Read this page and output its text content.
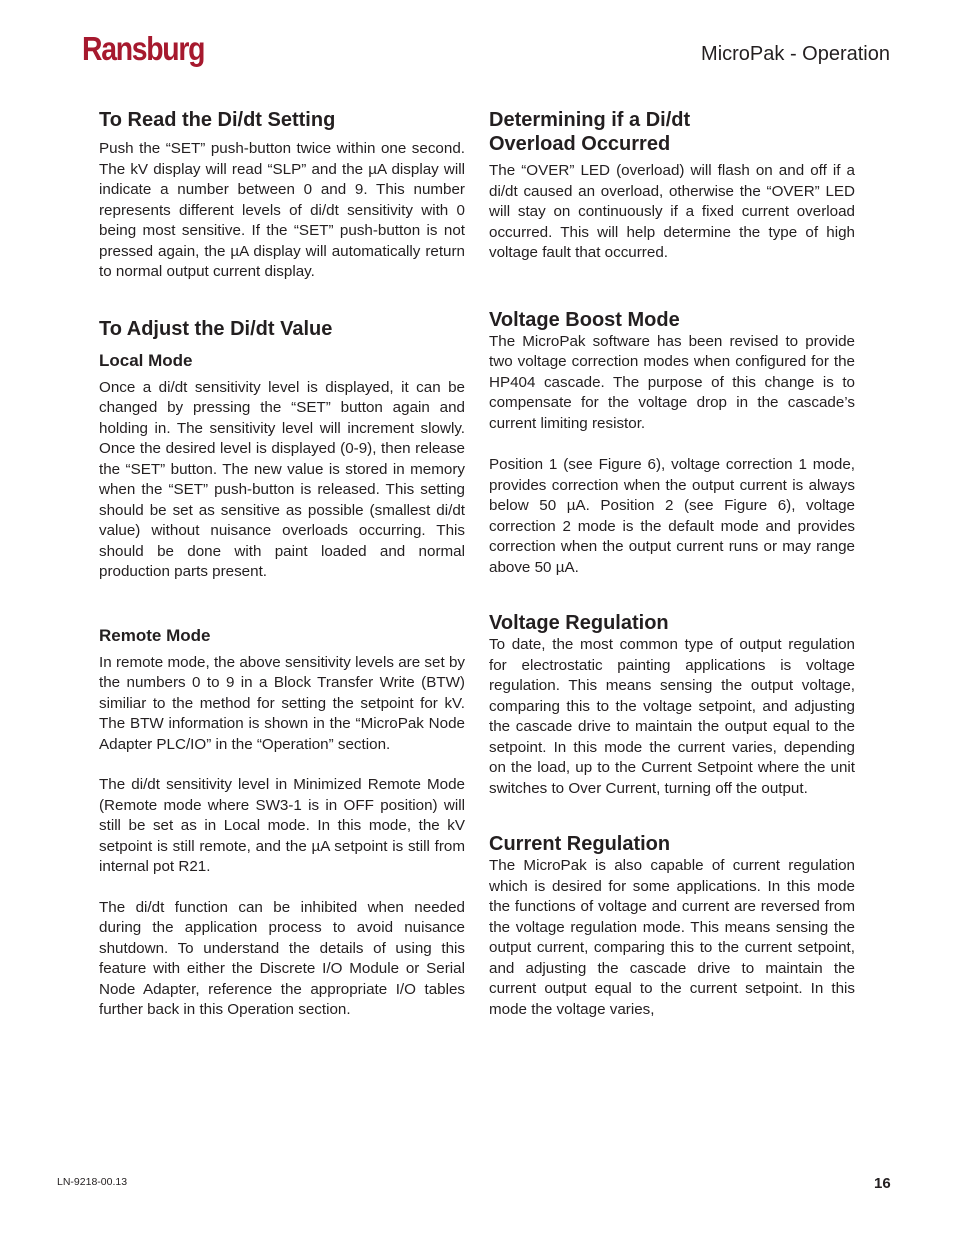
Ransburg	MicroPak - Operation
To Read the Di/dt Setting

Push the “SET” push-button twice within one second. The kV display will read “SLP” and the µA display will indicate a number between 0 and 9. This number represents different levels of di/dt sensitivity with 0 being most sensitive. If the “SET” push-button is not pressed again, the µA display will automatically return to normal output current display.

To Adjust the Di/dt Value
Local Mode

Once a di/dt sensitivity level is displayed, it can be changed by pressing the “SET” button again and holding in. The sensitivity level will increment slowly. Once the desired level is displayed (0-9), then release the “SET” button. The new value is stored in memory when the “SET” push-button is released. This setting should be set as sensitive as possible (smallest di/dt value) without nuisance overloads occurring. This should be done with paint loaded and normal production parts present.

Remote Mode

In remote mode, the above sensitivity levels are set by the numbers 0 to 9 in a Block Transfer Write (BTW) similiar to the method for setting the setpoint for kV. The BTW information is shown in the “MicroPak Node Adapter PLC/IO” in the “Operation” section.

The di/dt sensitivity level in Minimized Remote Mode (Remote mode where SW3-1 is in OFF position) will still be set as in Local mode. In this mode, the kV setpoint is still remote, and the µA setpoint is still from internal pot R21.

The di/dt function can be inhibited when needed during the application process to avoid nuisance shutdown. To understand the details of using this feature with either the Discrete I/O Module or Serial Node Adapter, reference the appropriate I/O tables further back in this Operation section.

Determining if a Di/dt
Overload Occurred

The “OVER” LED (overload) will flash on and off if a di/dt caused an overload, otherwise the “OVER” LED will stay on continuously if a fixed current overload occurred. This will help determine the type of high voltage fault that occurred.

Voltage Boost Mode

The MicroPak software has been revised to provide two voltage correction modes when configured for the HP404 cascade. The purpose of this change is to compensate for the voltage drop in the cascade’s current limiting resistor.

Position 1 (see Figure 6), voltage correction 1 mode, provides correction when the output current is always below 50 µA. Position 2 (see Figure 6), voltage correction 2 mode is the default mode and provides correction when the output current runs or may range above 50 µA.

Voltage Regulation

To date, the most common type of output regulation for electrostatic painting applications is voltage regulation. This means sensing the output voltage, comparing this to the voltage setpoint, and adjusting the cascade drive to maintain the output equal to the setpoint. In this mode the current varies, depending on the load, up to the Current Setpoint where the unit switches to Over Current, turning off the output.

Current Regulation

The MicroPak is also capable of current regulation which is desired for some applications. In this mode the functions of voltage and current are reversed from the voltage regulation mode. This means sensing the output current, comparing this to the current setpoint, and adjusting the cascade drive to maintain the current output equal to the current setpoint. In this mode the voltage varies,

LN-9218-00.13	16
